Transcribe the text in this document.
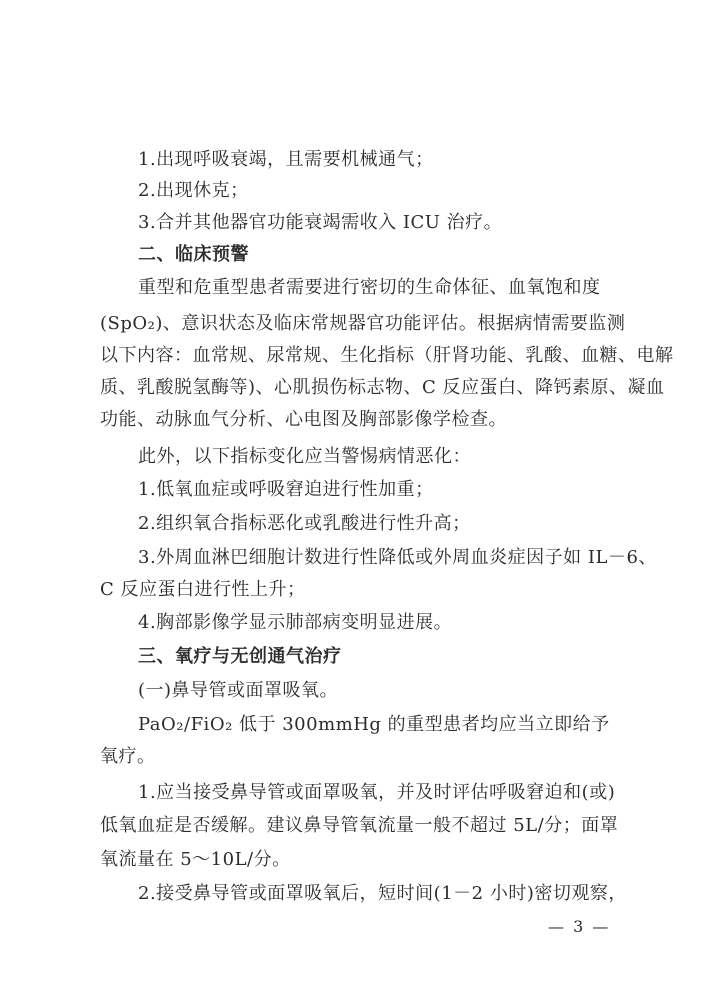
1.出现呼吸衰竭，且需要机械通气；
2.出现休克；
3.合并其他器官功能衰竭需收入 ICU 治疗。
二、临床预警
重型和危重型患者需要进行密切的生命体征、血氧饱和度
(SpO₂)、意识状态及临床常规器官功能评估。根据病情需要监测
以下内容：血常规、尿常规、生化指标（肝肾功能、乳酸、血糖、电解
质、乳酸脱氢酶等)、心肌损伤标志物、C 反应蛋白、降钙素原、凝血
功能、动脉血气分析、心电图及胸部影像学检查。
此外，以下指标变化应当警惕病情恶化：
1.低氧血症或呼吸窘迫进行性加重；
2.组织氧合指标恶化或乳酸进行性升高；
3.外周血淋巴细胞计数进行性降低或外周血炎症因子如 IL－6、
C 反应蛋白进行性上升；
4.胸部影像学显示肺部病变明显进展。
三、氧疗与无创通气治疗
(一)鼻导管或面罩吸氧。
PaO₂/FiO₂ 低于 300mmHg 的重型患者均应当立即给予
氧疗。
1.应当接受鼻导管或面罩吸氧，并及时评估呼吸窘迫和(或)
低氧血症是否缓解。建议鼻导管氧流量一般不超过 5L/分；面罩
氧流量在 5～10L/分。
2.接受鼻导管或面罩吸氧后，短时间(1－2 小时)密切观察，
— 3 —
